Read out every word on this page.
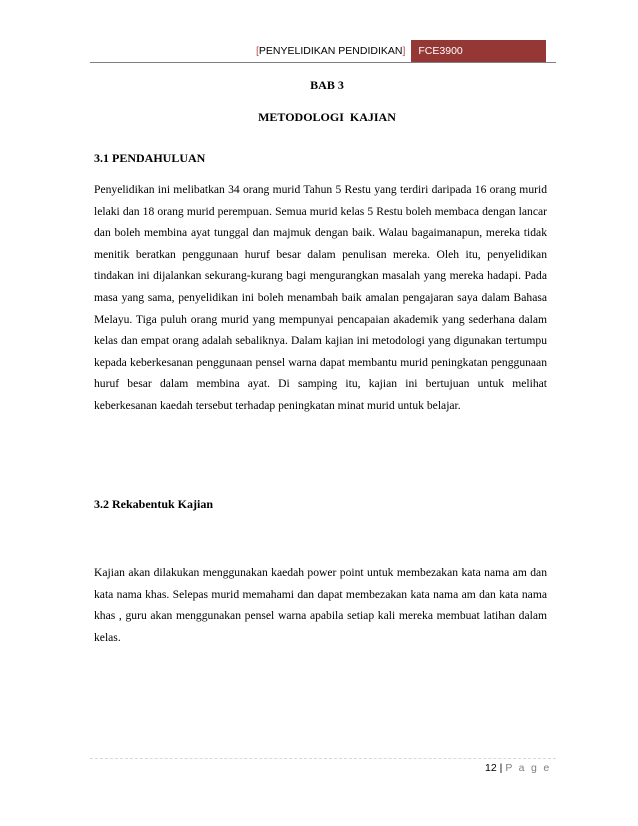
[PENYELIDIKAN PENDIDIKAN]	FCE3900
BAB 3
METODOLOGI  KAJIAN
3.1 PENDAHULUAN
Penyelidikan ini melibatkan 34 orang murid Tahun 5 Restu yang terdiri daripada 16 orang murid lelaki dan 18 orang murid perempuan. Semua murid kelas 5 Restu boleh membaca dengan lancar dan boleh membina ayat tunggal dan majmuk dengan baik. Walau bagaimanapun, mereka tidak menitik beratkan penggunaan huruf besar dalam penulisan mereka. Oleh itu, penyelidikan tindakan ini dijalankan sekurang-kurang bagi mengurangkan masalah yang mereka hadapi. Pada masa yang sama, penyelidikan ini boleh menambah baik amalan pengajaran saya dalam Bahasa Melayu. Tiga puluh orang murid yang mempunyai pencapaian akademik yang sederhana dalam kelas dan empat orang adalah sebaliknya. Dalam kajian ini metodologi yang digunakan tertumpu kepada keberkesanan penggunaan pensel warna dapat membantu murid peningkatan penggunaan huruf besar dalam membina ayat. Di samping itu, kajian ini bertujuan untuk melihat keberkesanan kaedah tersebut terhadap peningkatan minat murid untuk belajar.
3.2 Rekabentuk Kajian
Kajian akan dilakukan menggunakan kaedah power point untuk membezakan kata nama am dan kata nama khas. Selepas murid memahami dan dapat membezakan kata nama am dan kata nama khas , guru akan menggunakan pensel warna apabila setiap kali mereka membuat latihan dalam kelas.
12 | P a g e
